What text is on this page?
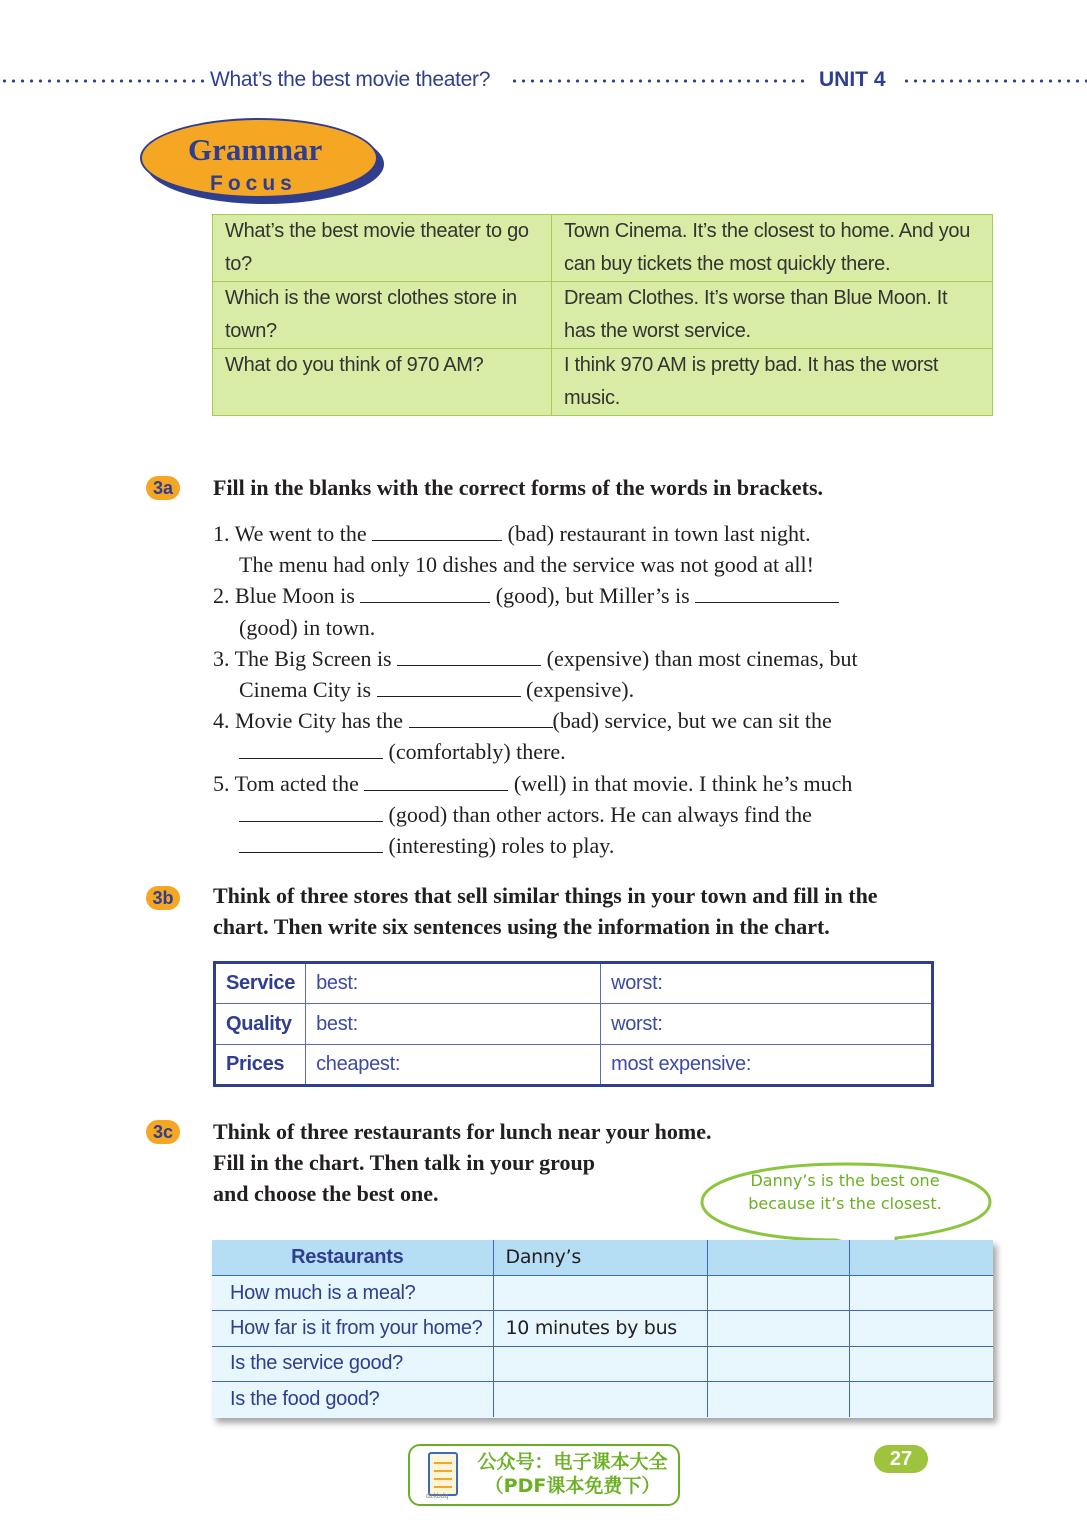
What’s the best movie theater?	UNIT 4
Grammar
Focus
What’s the best movie theater to go to?	Town Cinema. It’s the closest to home. And you can buy tickets the most quickly there.
Which is the worst clothes store in town?	Dream Clothes. It’s worse than Blue Moon. It has the worst service.
What do you think of 970 AM?	I think 970 AM is pretty bad. It has the worst music.
3a	Fill in the blanks with the correct forms of the words in brackets.
1. We went to the	(bad) restaurant in town last night.
The menu had only 10 dishes and the service was not good at all!
2. Blue Moon is	(good), but Miller’s is
(good) in town.
3. The Big Screen is	(expensive) than most cinemas, but
Cinema City is	(expensive).
4. Movie City has the	(bad) service, but we can sit the
(comfortably) there.
5. Tom acted the	(well) in that movie. I think he’s much
(good) than other actors. He can always find the
(interesting) roles to play.
3b Think of three stores that sell similar things in your town and fill in the
chart. Then write six sentences using the information in the chart.
Service	best:	worst:
Quality	best:	worst:
Prices	cheapest:	most expensive:
3c	Think of three restaurants for lunch near your home.
Fill in the chart. Then talk in your group
and choose the best one.
Danny’s is the best one
because it’s the closest.
Restaurants	Danny’s		
How much is a meal?			
How far is it from your home?	10 minutes by bus		
Is the service good?			
Is the food good?			
dzkbdq
公众号：电子课本大全
（PDF课本免费下）
27
